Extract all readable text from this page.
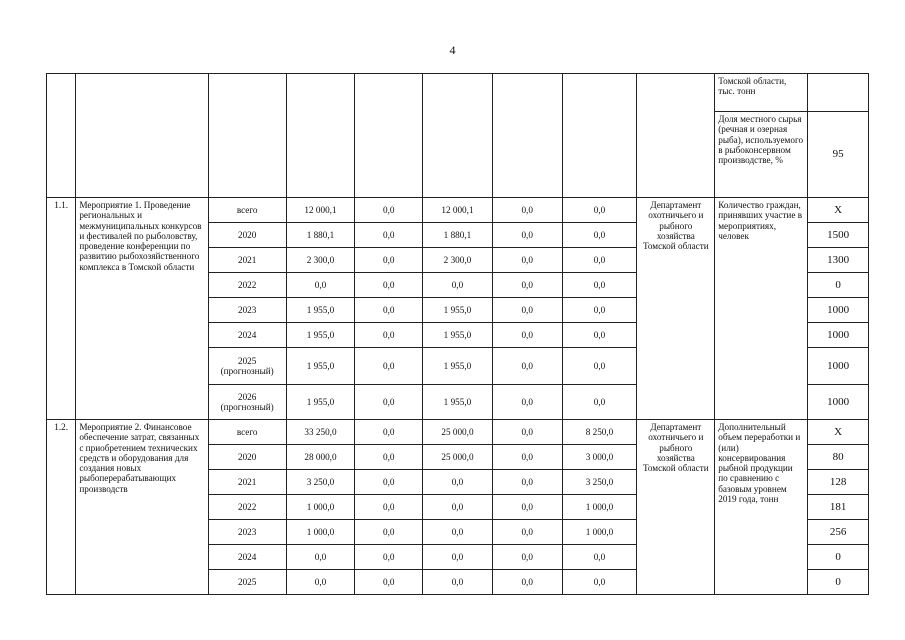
4
									Томской области, тыс. тонн	
									Доля местного сырья (речная и озерная рыба), используемого в рыбоконсервном производстве, %	95
1.1.	Мероприятие 1. Проведение региональных и межмуниципальных конкурсов и фестивалей по рыболовству, проведение конференции по развитию рыбохозяйственного комплекса в Томской области	всего	12 000,1	0,0	12 000,1	0,0	0,0	Департамент охотничьего и рыбного хозяйства Томской области	Количество граждан, принявших участие в мероприятиях, человек	Х
		2020	1 880,1	0,0	1 880,1	0,0	0,0			1500
		2021	2 300,0	0,0	2 300,0	0,0	0,0			1300
		2022	0,0	0,0	0,0	0,0	0,0			0
		2023	1 955,0	0,0	1 955,0	0,0	0,0			1000
		2024	1 955,0	0,0	1 955,0	0,0	0,0			1000
		2025 (прогнозный)	1 955,0	0,0	1 955,0	0,0	0,0			1000
		2026 (прогнозный)	1 955,0	0,0	1 955,0	0,0	0,0			1000
1.2.	Мероприятие 2. Финансовое обеспечение затрат, связанных с приобретением технических средств и оборудования для создания новых рыбоперерабатывающих производств	всего	33 250,0	0,0	25 000,0	0,0	8 250,0	Департамент охотничьего и рыбного хозяйства Томской области	Дополнительный объем переработки и (или) консервирования рыбной продукции по сравнению с базовым уровнем 2019 года, тонн	Х
		2020	28 000,0	0,0	25 000,0	0,0	3 000,0			80
		2021	3 250,0	0,0	0,0	0,0	3 250,0			128
		2022	1 000,0	0,0	0,0	0,0	1 000,0			181
		2023	1 000,0	0,0	0,0	0,0	1 000,0			256
		2024	0,0	0,0	0,0	0,0	0,0			0
		2025	0,0	0,0	0,0	0,0	0,0			0
